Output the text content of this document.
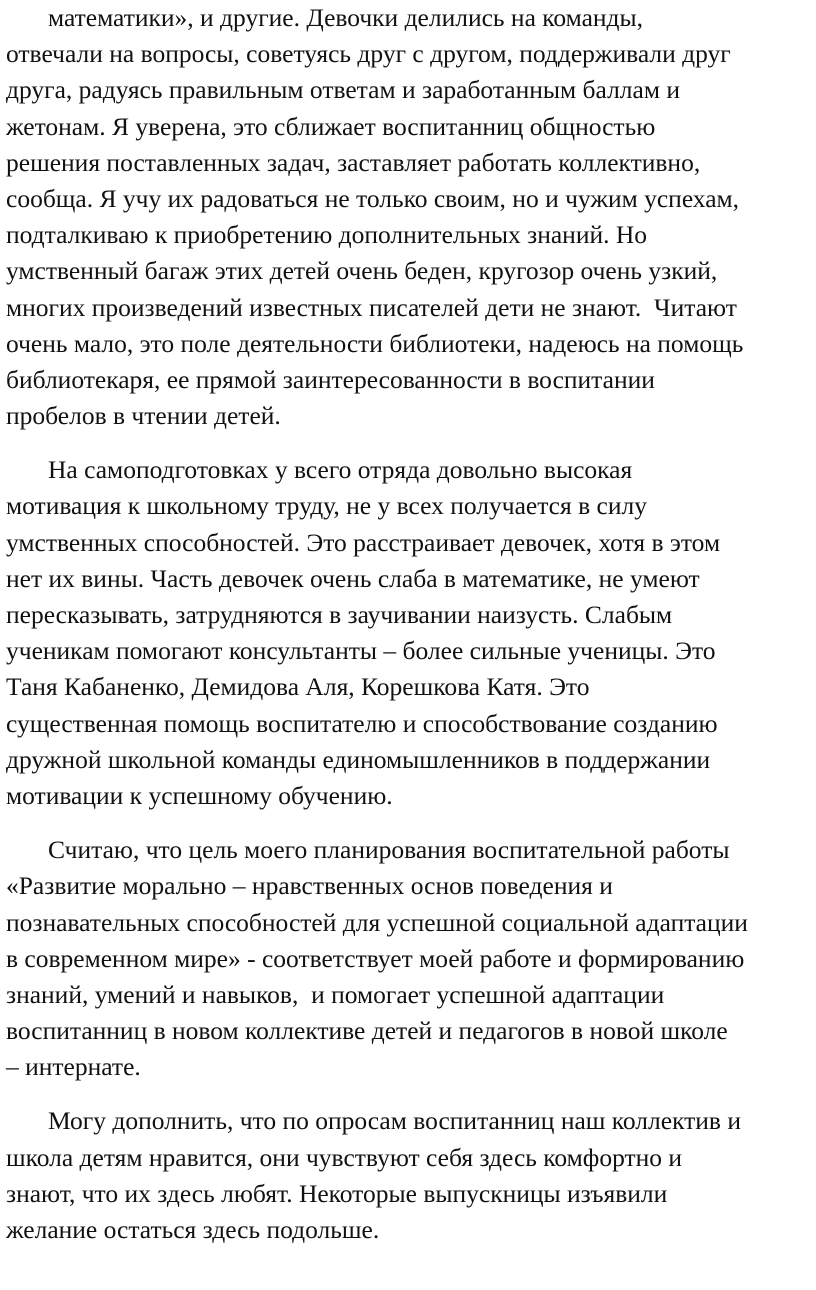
математики», и другие. Девочки делились на команды,
отвечали на вопросы, советуясь друг с другом, поддерживали друг
друга, радуясь правильным ответам и заработанным баллам и
жетонам. Я уверена, это сближает воспитанниц общностью
решения поставленных задач, заставляет работать коллективно,
сообща. Я учу их радоваться не только своим, но и чужим успехам,
подталкиваю к приобретению дополнительных знаний. Но
умственный багаж этих детей очень беден, кругозор очень узкий,
многих произведений известных писателей дети не знают.  Читают
очень мало, это поле деятельности библиотеки, надеюсь на помощь
библиотекаря, ее прямой заинтересованности в воспитании
пробелов в чтении детей.
На самоподготовках у всего отряда довольно высокая
мотивация к школьному труду, не у всех получается в силу
умственных способностей. Это расстраивает девочек, хотя в этом
нет их вины. Часть девочек очень слаба в математике, не умеют
пересказывать, затрудняются в заучивании наизусть. Слабым
ученикам помогают консультанты – более сильные ученицы. Это
Таня Кабаненко, Демидова Аля, Корешкова Катя. Это
существенная помощь воспитателю и способствование созданию
дружной школьной команды единомышленников в поддержании
мотивации к успешному обучению.
Считаю, что цель моего планирования воспитательной работы
«Развитие морально – нравственных основ поведения и
познавательных способностей для успешной социальной адаптации
в современном мире» - соответствует моей работе и формированию
знаний, умений и навыков,  и помогает успешной адаптации
воспитанниц в новом коллективе детей и педагогов в новой школе
– интернате.
Могу дополнить, что по опросам воспитанниц наш коллектив и
школа детям нравится, они чувствуют себя здесь комфортно и
знают, что их здесь любят. Некоторые выпускницы изъявили
желание остаться здесь подольше.
